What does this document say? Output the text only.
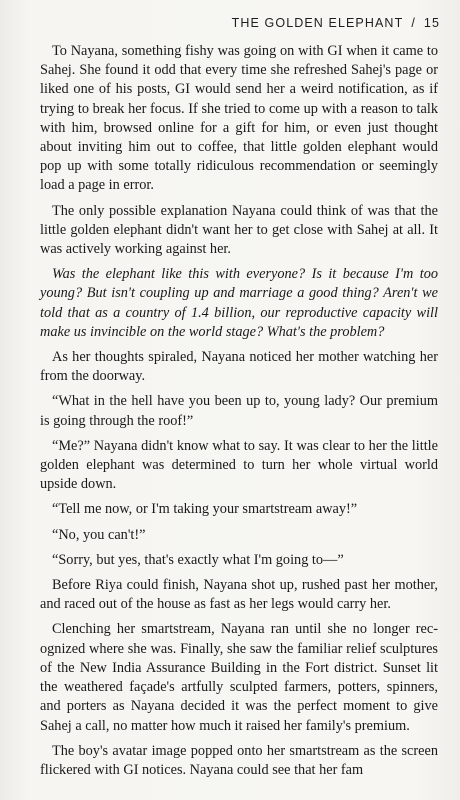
THE GOLDEN ELEPHANT / 15

To Nayana, something fishy was going on with GI when it came to Sahej. She found it odd that every time she refreshed Sahej's page or liked one of his posts, GI would send her a weird notification, as if trying to break her focus. If she tried to come up with a reason to talk with him, browsed online for a gift for him, or even just thought about inviting him out to coffee, that little golden elephant would pop up with some totally ridiculous recommendation or seemingly load a page in error.

The only possible explanation Nayana could think of was that the little golden elephant didn't want her to get close with Sahej at all. It was actively working against her.

Was the elephant like this with everyone? Is it because I'm too young? But isn't coupling up and marriage a good thing? Aren't we told that as a country of 1.4 billion, our reproductive capacity will make us invincible on the world stage? What's the problem?

As her thoughts spiraled, Nayana noticed her mother watching her from the doorway.

“What in the hell have you been up to, young lady? Our premium is going through the roof!”

“Me?” Nayana didn't know what to say. It was clear to her the little golden elephant was determined to turn her whole virtual world upside down.

“Tell me now, or I'm taking your smartstream away!”

“No, you can't!”

“Sorry, but yes, that's exactly what I'm going to—”

Before Riya could finish, Nayana shot up, rushed past her mother, and raced out of the house as fast as her legs would carry her.

Clenching her smartstream, Nayana ran until she no longer recognized where she was. Finally, she saw the familiar relief sculptures of the New India Assurance Building in the Fort district. Sunset lit the weathered façade's artfully sculpted farmers, potters, spinners, and porters as Nayana decided it was the perfect moment to give Sahej a call, no matter how much it raised her family's premium.

The boy's avatar image popped onto her smartstream as the screen flickered with GI notices. Nayana could see that her fam
